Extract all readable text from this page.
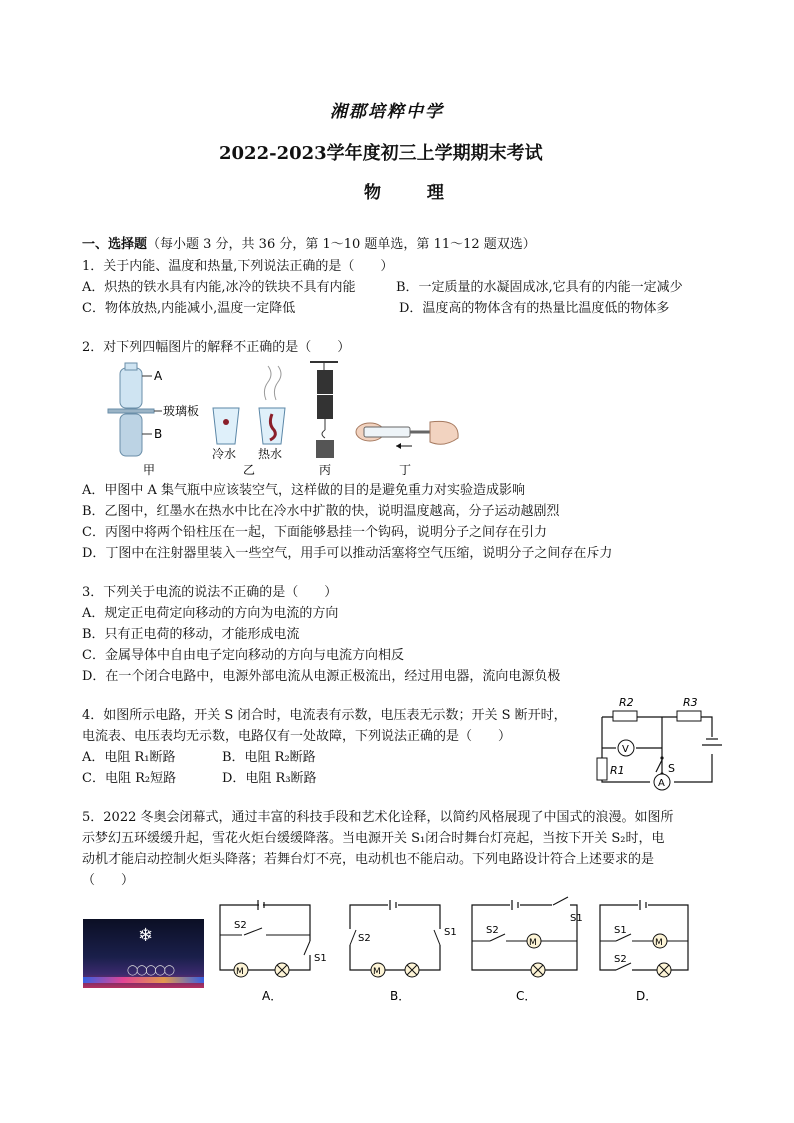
湘郡培粹中学
2022-2023学年度初三上学期期末考试
物 理
一、选择题（每小题 3 分，共 36 分，第 1～10 题单选，第 11～12 题双选）
1．关于内能、温度和热量,下列说法正确的是（　　）
A．炽热的铁水具有内能,冰冷的铁块不具有内能	B．一定质量的水凝固成冰,它具有的内能一定减少
C．物体放热,内能减小,温度一定降低	D．温度高的物体含有的热量比温度低的物体多
2．对下列四幅图片的解释不正确的是（　　）
A
玻璃板
B
甲
冷水 热水
乙	丙	丁
A．甲图中 A 集气瓶中应该装空气，这样做的目的是避免重力对实验造成影响
B．乙图中，红墨水在热水中比在冷水中扩散的快，说明温度越高，分子运动越剧烈
C．丙图中将两个铅柱压在一起，下面能够悬挂一个钩码，说明分子之间存在引力
D．丁图中在注射器里装入一些空气，用手可以推动活塞将空气压缩，说明分子之间存在斥力
3．下列关于电流的说法不正确的是（　　）
A．规定正电荷定向移动的方向为电流的方向
B．只有正电荷的移动，才能形成电流
C．金属导体中自由电子定向移动的方向与电流方向相反
D．在一个闭合电路中，电源外部电流从电源正极流出，经过用电器，流向电源负极
4．如图所示电路，开关 S 闭合时，电流表有示数，电压表无示数；开关 S 断开时，
电流表、电压表均无示数，电路仅有一处故障，下列说法正确的是（　　）
A．电阻 R₁断路	B．电阻 R₂断路
C．电阻 R₂短路	D．电阻 R₃断路
R2	R3
V
R1	S
A
5．2022 冬奥会闭幕式，通过丰富的科技手段和艺术化诠释，以简约风格展现了中国式的浪漫。如图所
示梦幻五环缓缓升起，雪花火炬台缓缓降落。当电源开关 S₁闭合时舞台灯亮起，当按下开关 S₂时，电
动机才能启动控制火炬头降落；若舞台灯不亮，电动机也不能启动。下列电路设计符合上述要求的是
（　　）
❄
◯◯◯◯◯
S2
S1
M
A．
S2
S1
M
B．
S1
S2
M
C．
S1
M
S2
D．
